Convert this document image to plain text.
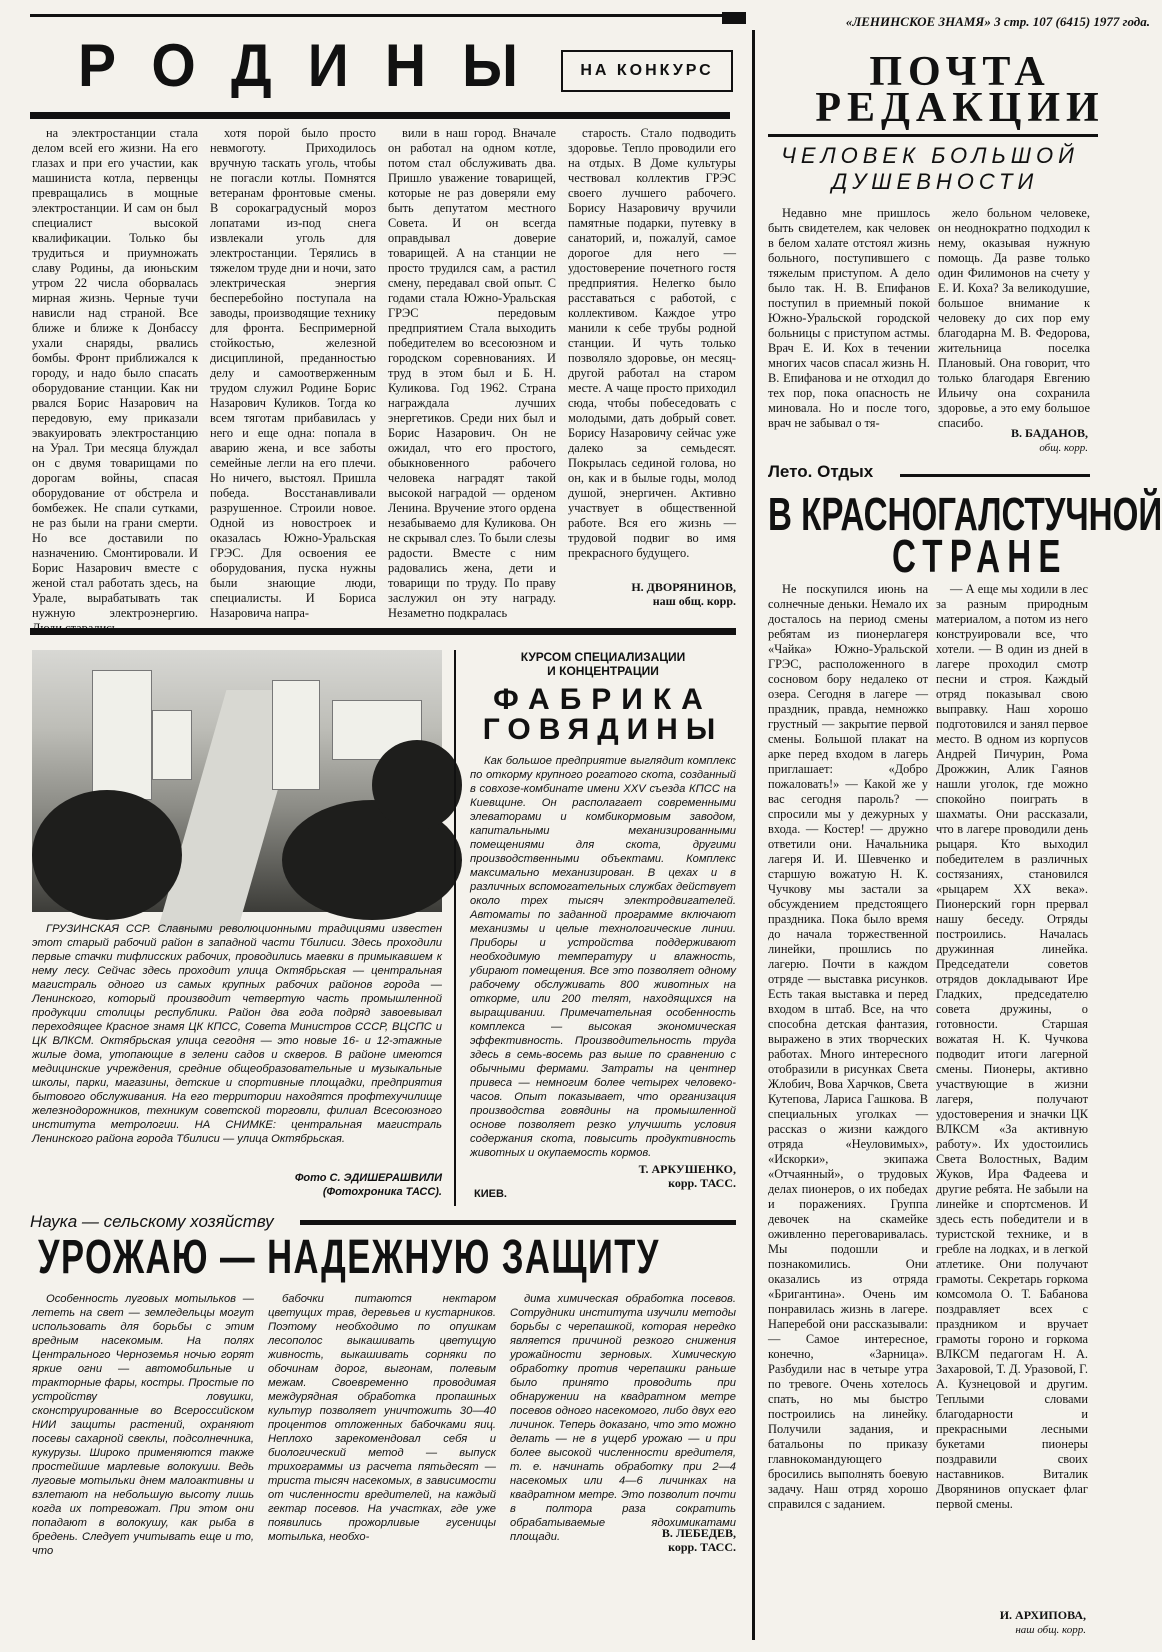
«ЛЕНИНСКОЕ ЗНАМЯ» 3 стр. 107 (6415) 1977 года.
РОДИНЫ	НА КОНКУРС

на электростанции стала делом всей его жизни. На его глазах и при его участии, как машиниста котла, первенцы превращались в мощные электростанции. И сам он был специалист высокой квалификации. Только бы трудиться и приумножать славу Родины, да июньским утром 22 числа оборвалась мирная жизнь. Черные тучи нависли над страной. Все ближе и ближе к Донбассу ухали снаряды, рвались бомбы. Фронт приближался к городу, и надо было спасать оборудование станции. Как ни рвался Борис Назарович на передовую, ему приказали эвакуировать электростанцию на Урал. Три месяца блуждал он с двумя товарищами по дорогам войны, спасая оборудование от обстрела и бомбежек. Не спали сутками, не раз были на грани смерти. Но все доставили по назначению. Смонтировали. И Борис Назарович вместе с женой стал работать здесь, на Урале, вырабатывать так нужную электроэнергию.

хотя порой было просто невмоготу. Приходилось вручную таскать уголь, чтобы не погасли котлы. Помнятся ветеранам фронтовые смены. В сорокаградусный мороз лопатами из-под снега извлекали уголь для электростанции. Терялись в тяжелом труде дни и ночи, зато электрическая энергия бесперебойно поступала на заводы, производящие технику для фронта. Беспримерной стойкостью, железной дисциплиной, преданностью делу и самоотверженным трудом служил Родине Борис Назарович Куликов. Тогда ко всем тяготам прибавилась у него и еще одна: попала в аварию жена, и все заботы семейные легли на его плечи. Но ничего, выстоял. Пришла победа. Восстанавливали разрушенное. Строили новое. Одной из новостроек и оказалась Южно-Уральская ГРЭС. Для освоения ее оборудования, пуска нужны были знающие люди, специалисты. И Бориса Назаровича напра-

вили в наш город. Вначале он работал на одном котле, потом стал обслуживать два. Пришло уважение товарищей, которые не раз доверяли ему быть депутатом местного Совета. И он всегда оправдывал доверие товарищей. А на станции не просто трудился сам, а растил смену, передавал свой опыт. С годами стала Южно-Уральская ГРЭС передовым предприятием Стала выходить победителем во всесоюзном и городском соревнованиях. И труд в этом был и Б. Н. Куликова. Год 1962. Страна награждала лучших энергетиков. Среди них был и Борис Назарович. Он не ожидал, что его простого, обыкновенного рабочего человека наградят такой высокой наградой — орденом Ленина. Вручение этого ордена незабываемо для Куликова. Он не скрывал слез. То были слезы радости. Вместе с ним радовались жена, дети и товарищи по труду. По праву заслужил он эту награду. Незаметно подкралась

старость. Стало подводить здоровье. Тепло проводили его на отдых. В Доме культуры чествовал коллектив ГРЭС своего лучшего рабочего. Борису Назаровичу вручили памятные подарки, путевку в санаторий, и, пожалуй, самое дорогое для него — удостоверение почетного гостя предприятия. Нелегко было расставаться с работой, с коллективом. Каждое утро манили к себе трубы родной станции. И чуть только позволяло здоровье, он месяц-другой работал на старом месте. А чаще просто приходил сюда, чтобы побеседовать с молодыми, дать добрый совет. Борису Назаровичу сейчас уже далеко за семьдесят. Покрылась сединой голова, но он, как и в былые годы, молод душой, энергичен. Активно участвует в общественной работе. Вся его жизнь — трудовой подвиг во имя прекрасного будущего.

Н. ДВОРЯНИНОВ,
наш общ. корр.
ПОЧТА
РЕДАКЦИИ
ЧЕЛОВЕК БОЛЬШОЙ
ДУШЕВНОСТИ

Недавно мне пришлось быть свидетелем, как человек в белом халате отстоял жизнь больного, поступившего с тяжелым приступом. А дело было так. Н. В. Епифанов поступил в приемный покой Южно-Уральской городской больницы с приступом астмы. Врач Е. И. Кох в течении многих часов спасал жизнь Н. В. Епифанова и не отходил до тех пор, пока опасность не миновала. Но и после того, врач не забывал о тя-

жело больном человеке, он неоднократно подходил к нему, оказывая нужную помощь. Да разве только один Филимонов на счету у Е. И. Коха? За великодушие, большое внимание к человеку до сих пор ему благодарна М. В. Федорова, жительница поселка Плановый. Она говорит, что только благодаря Евгению Ильичу она сохранила здоровье, а это ему большое спасибо.

В. БАДАНОВ,
общ. корр.
Лето. Отдых
В КРАСНОГАЛСТУЧНОЙ
СТРАНЕ

Не поскупился июнь на солнечные деньки. Немало их досталось на период смены ребятам из пионерлагеря «Чайка» Южно-Уральской ГРЭС, расположенного в сосновом бору недалеко от озера. Сегодня в лагере — праздник, правда, немножко грустный — закрытие первой смены. Большой плакат на арке перед входом в лагерь приглашает: «Добро пожаловать!» — Какой же у вас сегодня пароль? — спросили мы у дежурных у входа. — Костер! — дружно ответили они. Начальника лагеря И. И. Шевченко и старшую вожатую Н. К. Чучкову мы застали за обсуждением предстоящего праздника. Пока было время до начала торжественной линейки, прошлись по лагерю. Почти в каждом отряде — выставка рисунков. Есть такая выставка и перед входом в штаб. Все, на что способна детская фантазия, выражено в этих творческих работах. Много интересного отобразили в рисунках Света Жлобич, Вова Харчков, Света Кутепова, Лариса Гашкова. В специальных уголках — рассказ о жизни каждого отряда «Неуловимых», «Искорки», экипажа «Отчаянный», о трудовых делах пионеров, о их победах и поражениях. Группа девочек на скамейке оживленно переговаривалась. Мы подошли и познакомились. Они оказались из отряда «Бригантина». Очень им понравилась жизнь в лагере. Наперебой они рассказывали: — Самое интересное, конечно, «Зарница». Разбудили нас в четыре утра по тревоге. Очень хотелось спать, но мы быстро построились на линейку. Получили задания, и батальоны по приказу главнокомандующего бросились выполнять боевую задачу. Наш отряд хорошо справился с заданием.

— А еще мы ходили в лес за разным природным материалом, а потом из него конструировали все, что хотели. — В один из дней в лагере проходил смотр песни и строя. Каждый отряд показывал свою выправку. Наш хорошо подготовился и занял первое место. В одном из корпусов Андрей Пичурин, Рома Дрожжин, Алик Гаянов нашли уголок, где можно спокойно поиграть в шахматы. Они рассказали, что в лагере проводили день рыцаря. Кто выходил победителем в различных состязаниях, становился «рыцарем XX века». Пионерский горн прервал нашу беседу. Отряды построились. Началась дружинная линейка. Председатели советов отрядов докладывают Ире Гладких, председателю совета дружины, о готовности. Старшая вожатая Н. К. Чучкова подводит итоги лагерной смены. Пионеры, активно участвующие в жизни лагеря, получают удостоверения и значки ЦК ВЛКСМ «За активную работу». Их удостоились Света Волостных, Вадим Жуков, Ира Фадеева и другие ребята. Не забыли на линейке и спортсменов. И здесь есть победители и в туристской технике, и в гребле на лодках, и в легкой атлетике. Они получают грамоты. Секретарь горкома комсомола О. Т. Бабанова поздравляет всех с праздником и вручает грамоты гороно и горкома ВЛКСМ педагогам Н. А. Захаровой, Т. Д. Уразовой, Г. А. Кузнецовой и другим. Теплыми словами благодарности и прекрасными лесными букетами пионеры поздравили своих наставников. Виталик Дворянинов опускает флаг первой смены.

И. АРХИПОВА,
наш общ. корр.

ГРУЗИНСКАЯ ССР. Славными революционными традициями известен этот старый рабочий район в западной части Тбилиси. Здесь проходили первые стачки тифлисских рабочих, проводились маевки в примыкавшем к нему лесу. Сейчас здесь проходит улица Октябрьская — центральная магистраль одного из самых крупных рабочих районов города — Ленинского, который производит четвертую часть промышленной продукции столицы республики. Район два года подряд завоевывал переходящее Красное знамя ЦК КПСС, Совета Министров СССР, ВЦСПС и ЦК ВЛКСМ. Октябрьская улица сегодня — это новые 16- и 12-этажные жилые дома, утопающие в зелени садов и скверов. В районе имеются медицинские учреждения, средние общеобразовательные и музыкальные школы, парки, магазины, детские и спортивные площадки, предприятия бытового обслуживания. На его территории находятся профтехучилище железнодорожников, техникум советской торговли, филиал Всесоюзного института метрологии. НА СНИМКЕ: центральная магистраль Ленинского района города Тбилиси — улица Октябрьская.

Фото С. ЭДИШЕРАШВИЛИ
(Фотохроника ТАСС).
КУРСОМ СПЕЦИАЛИЗАЦИИ
И КОНЦЕНТРАЦИИ
ФАБРИКА
ГОВЯДИНЫ

Как большое предприятие выглядит комплекс по откорму крупного рогатого скота, созданный в совхозе-комбинате имени XXV съезда КПСС на Киевщине. Он располагает современными элеваторами и комбикормовым заводом, капитальными механизированными помещениями для скота, другими производственными объектами. Комплекс максимально механизирован. В цехах и в различных вспомогательных службах действует около трех тысяч электродвигателей. Автоматы по заданной программе включают механизмы и целые технологические линии. Приборы и устройства поддерживают необходимую температуру и влажность, убирают помещения. Все это позволяет одному рабочему обслуживать 800 животных на откорме, или 200 телят, находящихся на выращивании. Примечательная особенность комплекса — высокая экономическая эффективность. Производительность труда здесь в семь-восемь раз выше по сравнению с обычными фермами. Затраты на центнер привеса — немногим более четырех человеко-часов. Опыт показывает, что организация производства говядины на промышленной основе позволяет резко улучшить условия содержания скота, повысить продуктивность животных и окупаемость кормов.

Т. АРКУШЕНКО,
корр. ТАСС.
КИЕВ.
Наука — сельскому хозяйству
УРОЖАЮ — НАДЕЖНУЮ ЗАЩИТУ

Особенность луговых мотыльков — лететь на свет — земледельцы могут использовать для борьбы с этим вредным насекомым. На полях Центрального Черноземья ночью горят яркие огни — автомобильные и тракторные фары, костры. Простые по устройству ловушки, сконструированные во Всероссийском НИИ защиты растений, охраняют посевы сахарной свеклы, подсолнечника, кукурузы. Широко применяются также простейшие марлевые волокуши. Ведь луговые мотыльки днем малоактивны и взлетают на небольшую высоту лишь когда их потревожат. При этом они попадают в волокушу, как рыба в бредень. Следует учитывать еще и то, что

бабочки питаются нектаром цветущих трав, деревьев и кустарников. Поэтому необходимо по опушкам лесополос выкашивать цветущую живность, выкашивать сорняки по обочинам дорог, выгонам, полевым межам. Своевременно проводимая междурядная обработка пропашных культур позволяет уничтожить 30—40 процентов отложенных бабочками яиц. Неплохо зарекомендовал себя и биологический метод — выпуск трихограммы из расчета пятьдесят — триста тысяч насекомых, в зависимости от численности вредителей, на каждый гектар посевов. На участках, где уже появились прожорливые гусеницы мотылька, необхо-

дима химическая обработка посевов. Сотрудники института изучили методы борьбы с черепашкой, которая нередко является причиной резкого снижения урожайности зерновых. Химическую обработку против черепашки раньше было принято проводить при обнаружении на квадратном метре посевов одного насекомого, либо двух его личинок. Теперь доказано, что это можно делать — не в ущерб урожаю — и при более высокой численности вредителя, т. е. начинать обработку при 2—4 насекомых или 4—6 личинках на квадратном метре. Это позволит почти в полтора раза сократить обрабатываемые ядохимикатами площади.	В. ЛЕБЕДЕВ,
корр. ТАСС.
